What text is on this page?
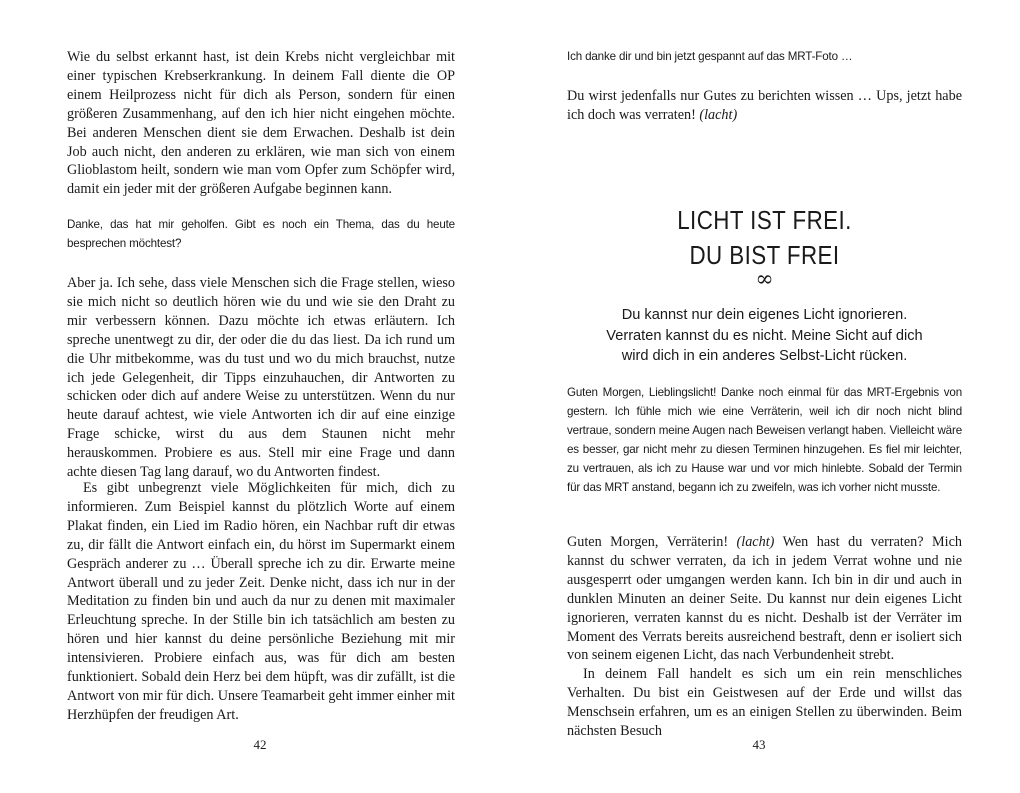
Wie du selbst erkannt hast, ist dein Krebs nicht vergleichbar mit einer typischen Krebserkrankung. In deinem Fall diente die OP einem Heilprozess nicht für dich als Person, sondern für einen größeren Zusammenhang, auf den ich hier nicht eingehen möchte. Bei anderen Menschen dient sie dem Erwachen. Deshalb ist dein Job auch nicht, den anderen zu erklären, wie man sich von einem Glioblastom heilt, sondern wie man vom Opfer zum Schöpfer wird, damit ein jeder mit der größeren Aufgabe beginnen kann.

Danke, das hat mir geholfen. Gibt es noch ein Thema, das du heute besprechen möchtest?

Aber ja. Ich sehe, dass viele Menschen sich die Frage stellen, wieso sie mich nicht so deutlich hören wie du und wie sie den Draht zu mir verbessern können. Dazu möchte ich etwas erläutern. Ich spreche unentwegt zu dir, der oder die du das liest. Da ich rund um die Uhr mitbekomme, was du tust und wo du mich brauchst, nutze ich jede Gelegenheit, dir Tipps einzuhauchen, dir Antworten zu schicken oder dich auf andere Weise zu unterstützen. Wenn du nur heute darauf achtest, wie viele Antworten ich dir auf eine einzige Frage schicke, wirst du aus dem Staunen nicht mehr herauskommen. Probiere es aus. Stell mir eine Frage und dann achte diesen Tag lang darauf, wo du Antworten findest.

Es gibt unbegrenzt viele Möglichkeiten für mich, dich zu informieren. Zum Beispiel kannst du plötzlich Worte auf einem Plakat finden, ein Lied im Radio hören, ein Nachbar ruft dir etwas zu, dir fällt die Antwort einfach ein, du hörst im Supermarkt einem Gespräch anderer zu … Überall spreche ich zu dir. Erwarte meine Antwort überall und zu jeder Zeit. Denke nicht, dass ich nur in der Meditation zu finden bin und auch da nur zu denen mit maximaler Erleuchtung spreche. In der Stille bin ich tatsächlich am besten zu hören und hier kannst du deine persönliche Beziehung mit mir intensivieren. Probiere einfach aus, was für dich am besten funktioniert. Sobald dein Herz bei dem hüpft, was dir zufällt, ist die Antwort von mir für dich. Unsere Teamarbeit geht immer einher mit Herzhüpfen der freudigen Art.

42

Ich danke dir und bin jetzt gespannt auf das MRT-Foto …

Du wirst jedenfalls nur Gutes zu berichten wissen … Ups, jetzt habe ich doch was verraten! (lacht)

LICHT IST FREI.
DU BIST FREI
∞
Du kannst nur dein eigenes Licht ignorieren.
Verraten kannst du es nicht. Meine Sicht auf dich
wird dich in ein anderes Selbst-Licht rücken.

Guten Morgen, Lieblingslicht! Danke noch einmal für das MRT-Ergebnis von gestern. Ich fühle mich wie eine Verräterin, weil ich dir noch nicht blind vertraue, sondern meine Augen nach Beweisen verlangt haben. Vielleicht wäre es besser, gar nicht mehr zu diesen Terminen hinzugehen. Es fiel mir leichter, zu vertrauen, als ich zu Hause war und vor mich hinlebte. Sobald der Termin für das MRT anstand, begann ich zu zweifeln, was ich vorher nicht musste.

Guten Morgen, Verräterin! (lacht) Wen hast du verraten? Mich kannst du schwer verraten, da ich in jedem Verrat wohne und nie ausgesperrt oder umgangen werden kann. Ich bin in dir und auch in dunklen Minuten an deiner Seite. Du kannst nur dein eigenes Licht ignorieren, verraten kannst du es nicht. Deshalb ist der Verräter im Moment des Verrats bereits ausreichend bestraft, denn er isoliert sich von seinem eigenen Licht, das nach Verbundenheit strebt.

In deinem Fall handelt es sich um ein rein menschliches Verhalten. Du bist ein Geistwesen auf der Erde und willst das Menschsein erfahren, um es an einigen Stellen zu überwinden. Beim nächsten Besuch

43
